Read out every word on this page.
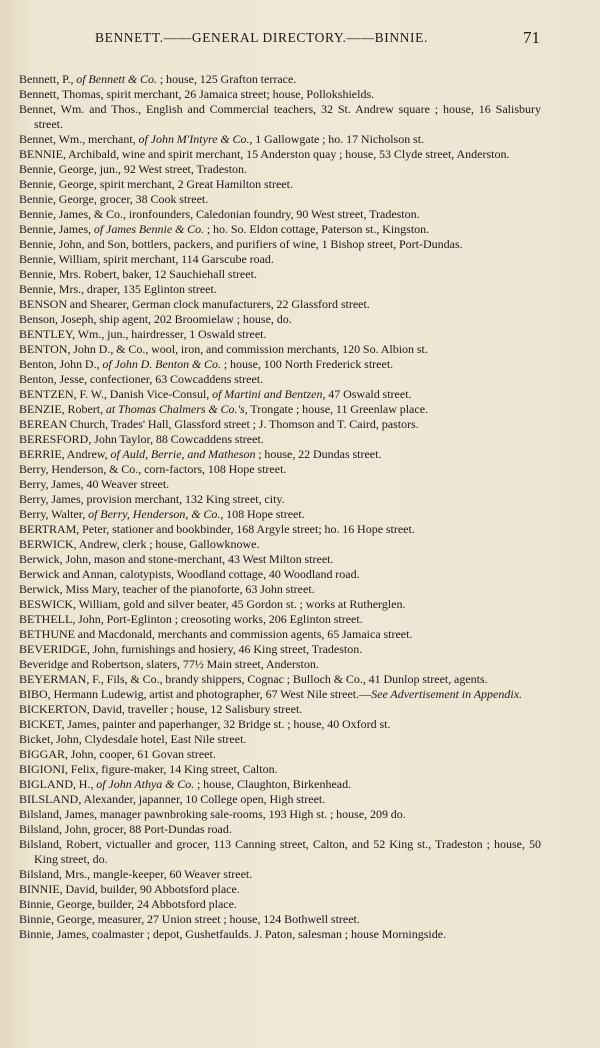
BENNETT.——GENERAL DIRECTORY.——BINNIE.	71
Bennett, P., of Bennett & Co. ; house, 125 Grafton terrace.
Bennett, Thomas, spirit merchant, 26 Jamaica street; house, Pollokshields.
Bennet, Wm. and Thos., English and Commercial teachers, 32 St. Andrew square ; house, 16 Salisbury street.
Bennet, Wm., merchant, of John M'Intyre & Co., 1 Gallowgate ; ho. 17 Nicholson st.
BENNIE, Archibald, wine and spirit merchant, 15 Anderston quay ; house, 53 Clyde street, Anderston.
Bennie, George, jun., 92 West street, Tradeston.
Bennie, George, spirit merchant, 2 Great Hamilton street.
Bennie, George, grocer, 38 Cook street.
Bennie, James, & Co., ironfounders, Caledonian foundry, 90 West street, Tradeston.
Bennie, James, of James Bennie & Co. ; ho. So. Eldon cottage, Paterson st., Kingston.
Bennie, John, and Son, bottlers, packers, and purifiers of wine, 1 Bishop street, Port-Dundas.
Bennie, William, spirit merchant, 114 Garscube road.
Bennie, Mrs. Robert, baker, 12 Sauchiehall street.
Bennie, Mrs., draper, 135 Eglinton street.
BENSON and Shearer, German clock manufacturers, 22 Glassford street.
Benson, Joseph, ship agent, 202 Broomielaw ; house, do.
BENTLEY, Wm., jun., hairdresser, 1 Oswald street.
BENTON, John D., & Co., wool, iron, and commission merchants, 120 So. Albion st.
Benton, John D., of John D. Benton & Co. ; house, 100 North Frederick street.
Benton, Jesse, confectioner, 63 Cowcaddens street.
BENTZEN, F. W., Danish Vice-Consul, of Martini and Bentzen, 47 Oswald street.
BENZIE, Robert, at Thomas Chalmers & Co.'s, Trongate ; house, 11 Greenlaw place.
BEREAN Church, Trades' Hall, Glassford street ; J. Thomson and T. Caird, pastors.
BERESFORD, John Taylor, 88 Cowcaddens street.
BERRIE, Andrew, of Auld, Berrie, and Matheson ; house, 22 Dundas street.
Berry, Henderson, & Co., corn-factors, 108 Hope street.
Berry, James, 40 Weaver street.
Berry, James, provision merchant, 132 King street, city.
Berry, Walter, of Berry, Henderson, & Co., 108 Hope street.
BERTRAM, Peter, stationer and bookbinder, 168 Argyle street; ho. 16 Hope street.
BERWICK, Andrew, clerk ; house, Gallowknowe.
Berwick, John, mason and stone-merchant, 43 West Milton street.
Berwick and Annan, calotypists, Woodland cottage, 40 Woodland road.
Berwick, Miss Mary, teacher of the pianoforte, 63 John street.
BESWICK, William, gold and silver beater, 45 Gordon st. ; works at Rutherglen.
BETHELL, John, Port-Eglinton ; creosoting works, 206 Eglinton street.
BETHUNE and Macdonald, merchants and commission agents, 65 Jamaica street.
BEVERIDGE, John, furnishings and hosiery, 46 King street, Tradeston.
Beveridge and Robertson, slaters, 77½ Main street, Anderston.
BEYERMAN, F., Fils, & Co., brandy shippers, Cognac ; Bulloch & Co., 41 Dunlop street, agents.
BIBO, Hermann Ludewig, artist and photographer, 67 West Nile street.—See Advertisement in Appendix.
BICKERTON, David, traveller ; house, 12 Salisbury street.
BICKET, James, painter and paperhanger, 32 Bridge st. ; house, 40 Oxford st.
Bicket, John, Clydesdale hotel, East Nile street.
BIGGAR, John, cooper, 61 Govan street.
BIGIONI, Felix, figure-maker, 14 King street, Calton.
BIGLAND, H., of John Athya & Co. ; house, Claughton, Birkenhead.
BILSLAND, Alexander, japanner, 10 College open, High street.
Bilsland, James, manager pawnbroking sale-rooms, 193 High st. ; house, 209 do.
Bilsland, John, grocer, 88 Port-Dundas road.
Bilsland, Robert, victualler and grocer, 113 Canning street, Calton, and 52 King st., Tradeston ; house, 50 King street, do.
Bilsland, Mrs., mangle-keeper, 60 Weaver street.
BINNIE, David, builder, 90 Abbotsford place.
Binnie, George, builder, 24 Abbotsford place.
Binnie, George, measurer, 27 Union street ; house, 124 Bothwell street.
Binnie, James, coalmaster ; depot, Gushetfaulds. J. Paton, salesman ; house Morningside.
